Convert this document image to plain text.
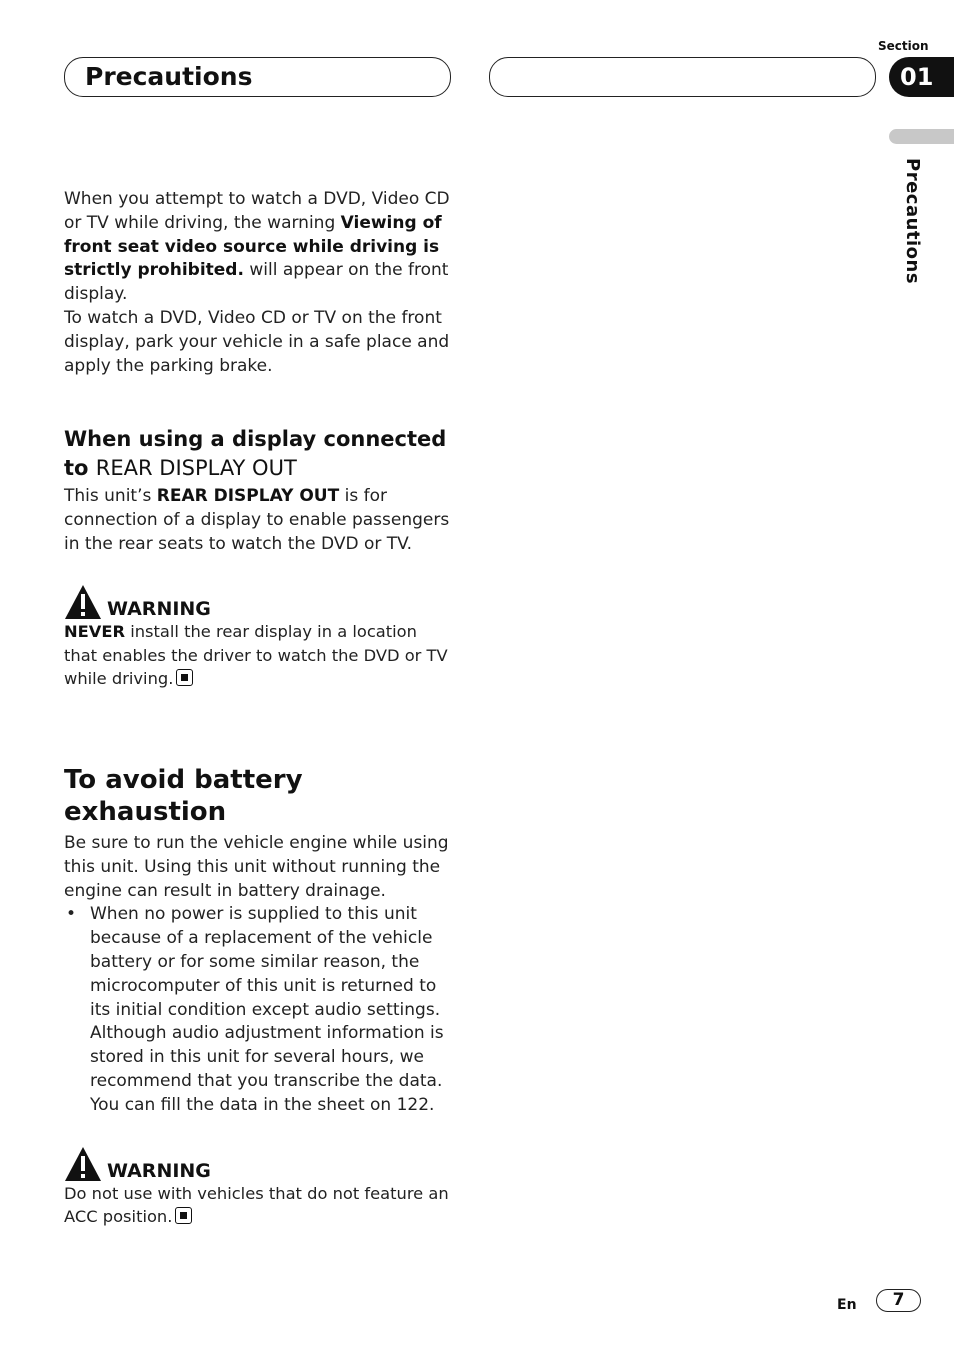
Precautions
Section
01
Precautions

When you attempt to watch a DVD, Video CD or TV while driving, the warning Viewing of front seat video source while driving is strictly prohibited. will appear on the front display.

To watch a DVD, Video CD or TV on the front display, park your vehicle in a safe place and apply the parking brake.

When using a display connected to REAR DISPLAY OUT

This unit’s REAR DISPLAY OUT is for connection of a display to enable passengers in the rear seats to watch the DVD or TV.

WARNING

NEVER install the rear display in a location that enables the driver to watch the DVD or TV while driving.

To avoid battery exhaustion

Be sure to run the vehicle engine while using this unit. Using this unit without running the engine can result in battery drainage.

• When no power is supplied to this unit because of a replacement of the vehicle battery or for some similar reason, the microcomputer of this unit is returned to its initial condition except audio settings. Although audio adjustment information is stored in this unit for several hours, we recommend that you transcribe the data. You can fill the data in the sheet on 122.
WARNING

Do not use with vehicles that do not feature an ACC position.

En	7
